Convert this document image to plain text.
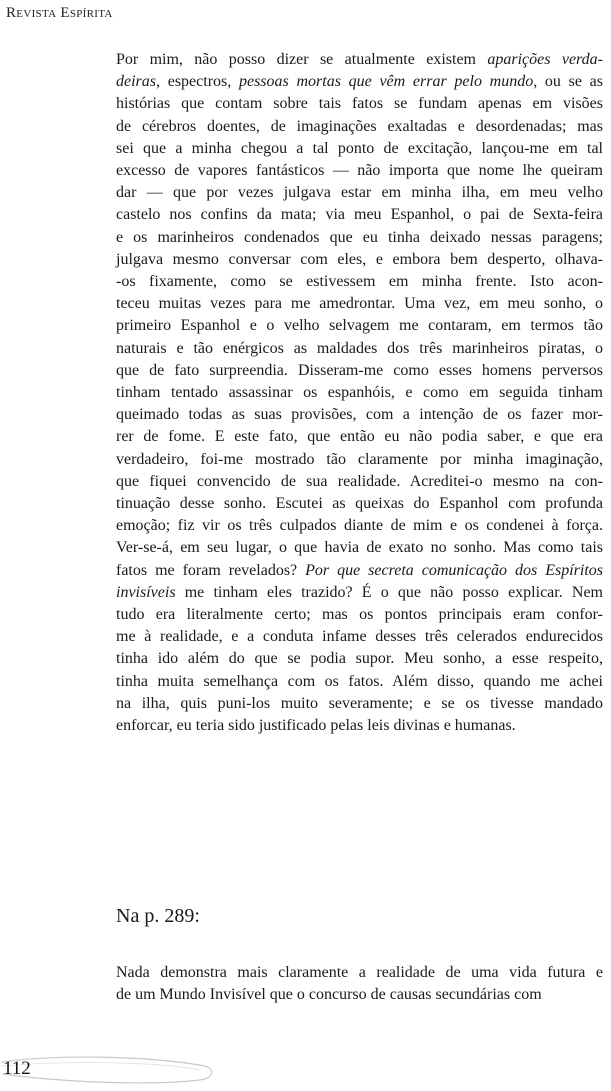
Revista Espírita

Por mim, não posso dizer se atualmente existem aparições verda-
deiras, espectros, pessoas mortas que vêm errar pelo mundo, ou se as
histórias que contam sobre tais fatos se fundam apenas em visões
de cérebros doentes, de imaginações exaltadas e desordenadas; mas
sei que a minha chegou a tal ponto de excitação, lançou-me em tal
excesso de vapores fantásticos — não importa que nome lhe queiram
dar — que por vezes julgava estar em minha ilha, em meu velho
castelo nos confins da mata; via meu Espanhol, o pai de Sexta-feira
e os marinheiros condenados que eu tinha deixado nessas paragens;
julgava mesmo conversar com eles, e embora bem desperto, olhava-
-os fixamente, como se estivessem em minha frente. Isto acon-
teceu muitas vezes para me amedrontar. Uma vez, em meu sonho, o
primeiro Espanhol e o velho selvagem me contaram, em termos tão
naturais e tão enérgicos as maldades dos três marinheiros piratas, o
que de fato surpreendia. Disseram-me como esses homens perversos
tinham tentado assassinar os espanhóis, e como em seguida tinham
queimado todas as suas provisões, com a intenção de os fazer mor-
rer de fome. E este fato, que então eu não podia saber, e que era
verdadeiro, foi-me mostrado tão claramente por minha imaginação,
que fiquei convencido de sua realidade. Acreditei-o mesmo na con-
tinuação desse sonho. Escutei as queixas do Espanhol com profunda
emoção; fiz vir os três culpados diante de mim e os condenei à força.
Ver-se-á, em seu lugar, o que havia de exato no sonho. Mas como tais
fatos me foram revelados? Por que secreta comunicação dos Espíritos
invisíveis me tinham eles trazido? É o que não posso explicar. Nem
tudo era literalmente certo; mas os pontos principais eram confor-
me à realidade, e a conduta infame desses três celerados endurecidos
tinha ido além do que se podia supor. Meu sonho, a esse respeito,
tinha muita semelhança com os fatos. Além disso, quando me achei
na ilha, quis puni-los muito severamente; e se os tivesse mandado
enforcar, eu teria sido justificado pelas leis divinas e humanas.

Na p. 289:

Nada demonstra mais claramente a realidade de uma vida futura e
de um Mundo Invisível que o concurso de causas secundárias com

112
